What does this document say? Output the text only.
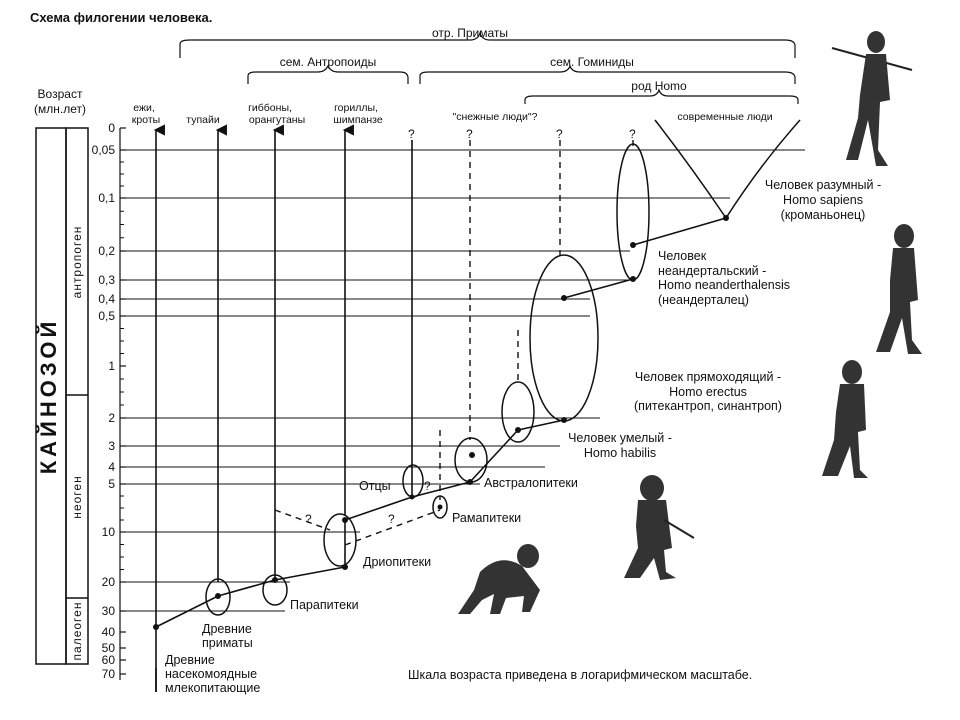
Схема филогении человека.
Возраст
(млн.лет)
КАЙНОЗОЙ
антропоген
неоген
палеоген
0
0,05
0,1
0,2
0,3
0,4
0,5
1
2
3
4
5
10
20
30
40
50
60
70
отр. Приматы
сем. Антропоиды	сем. Гоминиды
род Homo
ежи,
кроты тупайи
гиббоны,
орангутаны
гориллы,
шимпанзе	"снежные люди"?	современные люди
?	?	?	?
?	?
?
Человек разумный -
Homo sapiens
(кроманьонец)
Человек
неандертальский -
Homo neanderthalensis
(неандерталец)
Человек прямоходящий -
Homo erectus
(питекантроп, синантроп)
Человек умелый -
Homo habilis
Австралопитеки
Рамапитеки
Отцы
Дриопитеки
Парапитеки
Древние
приматы
Древние
насекомоядные
млекопитающие
Шкала возраста приведена в логарифмическом масштабе.
